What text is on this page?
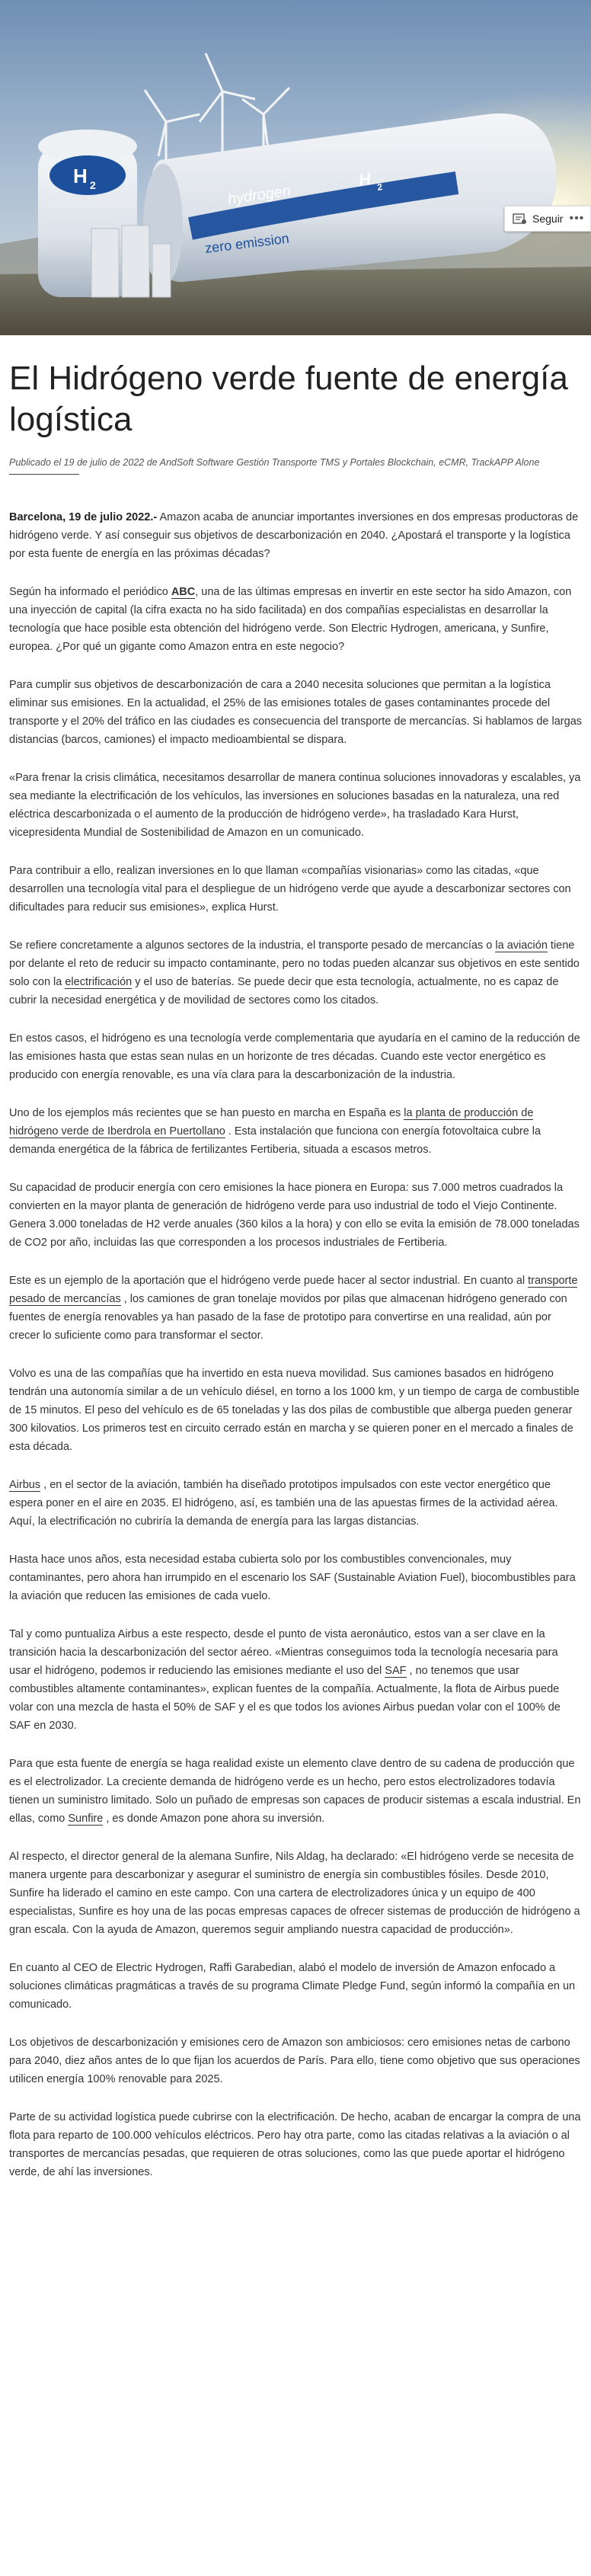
H 2	hydrogen
H 2
zero emission
Seguir •••
El Hidrógeno verde fuente de energía logística

Publicado el 19 de julio de 2022 de AndSoft Software Gestión Transporte TMS y Portales Blockchain, eCMR, TrackAPP Alone

Barcelona, 19 de julio 2022.- Amazon acaba de anunciar importantes inversiones en dos empresas productoras de hidrógeno verde. Y así conseguir sus objetivos de descarbonización en 2040. ¿Apostará el transporte y la logística por esta fuente de energía en las próximas décadas?

Según ha informado el periódico ABC, una de las últimas empresas en invertir en este sector ha sido Amazon, con una inyección de capital (la cifra exacta no ha sido facilitada) en dos compañías especialistas en desarrollar la tecnología que hace posible esta obtención del hidrógeno verde. Son Electric Hydrogen, americana, y Sunfire, europea. ¿Por qué un gigante como Amazon entra en este negocio?

Para cumplir sus objetivos de descarbonización de cara a 2040 necesita soluciones que permitan a la logística eliminar sus emisiones. En la actualidad, el 25% de las emisiones totales de gases contaminantes procede del transporte y el 20% del tráfico en las ciudades es consecuencia del transporte de mercancías. Si hablamos de largas distancias (barcos, camiones) el impacto medioambiental se dispara.

«Para frenar la crisis climática, necesitamos desarrollar de manera continua soluciones innovadoras y escalables, ya sea mediante la electrificación de los vehículos, las inversiones en soluciones basadas en la naturaleza, una red eléctrica descarbonizada o el aumento de la producción de hidrógeno verde», ha trasladado Kara Hurst, vicepresidenta Mundial de Sostenibilidad de Amazon en un comunicado.

Para contribuir a ello, realizan inversiones en lo que llaman «compañías visionarias» como las citadas, «que desarrollen una tecnología vital para el despliegue de un hidrógeno verde que ayude a descarbonizar sectores con dificultades para reducir sus emisiones», explica Hurst.

Se refiere concretamente a algunos sectores de la industria, el transporte pesado de mercancías o la aviación tiene por delante el reto de reducir su impacto contaminante, pero no todas pueden alcanzar sus objetivos en este sentido solo con la electrificación y el uso de baterías. Se puede decir que esta tecnología, actualmente, no es capaz de cubrir la necesidad energética y de movilidad de sectores como los citados.

En estos casos, el hidrógeno es una tecnología verde complementaria que ayudaría en el camino de la reducción de las emisiones hasta que estas sean nulas en un horizonte de tres décadas. Cuando este vector energético es producido con energía renovable, es una vía clara para la descarbonización de la industria.

Uno de los ejemplos más recientes que se han puesto en marcha en España es la planta de producción de hidrógeno verde de Iberdrola en Puertollano . Esta instalación que funciona con energía fotovoltaica cubre la demanda energética de la fábrica de fertilizantes Fertiberia, situada a escasos metros.

Su capacidad de producir energía con cero emisiones la hace pionera en Europa: sus 7.000 metros cuadrados la convierten en la mayor planta de generación de hidrógeno verde para uso industrial de todo el Viejo Continente. Genera 3.000 toneladas de H2 verde anuales (360 kilos a la hora) y con ello se evita la emisión de 78.000 toneladas de CO2 por año, incluidas las que corresponden a los procesos industriales de Fertiberia.

Este es un ejemplo de la aportación que el hidrógeno verde puede hacer al sector industrial. En cuanto al transporte pesado de mercancías , los camiones de gran tonelaje movidos por pilas que almacenan hidrógeno generado con fuentes de energía renovables ya han pasado de la fase de prototipo para convertirse en una realidad, aún por crecer lo suficiente como para transformar el sector.

Volvo es una de las compañías que ha invertido en esta nueva movilidad. Sus camiones basados en hidrógeno tendrán una autonomía similar a de un vehículo diésel, en torno a los 1000 km, y un tiempo de carga de combustible de 15 minutos. El peso del vehículo es de 65 toneladas y las dos pilas de combustible que alberga pueden generar 300 kilovatios. Los primeros test en circuito cerrado están en marcha y se quieren poner en el mercado a finales de esta década.

Airbus , en el sector de la aviación, también ha diseñado prototipos impulsados con este vector energético que espera poner en el aire en 2035. El hidrógeno, así, es también una de las apuestas firmes de la actividad aérea. Aquí, la electrificación no cubriría la demanda de energía para las largas distancias.

Hasta hace unos años, esta necesidad estaba cubierta solo por los combustibles convencionales, muy contaminantes, pero ahora han irrumpido en el escenario los SAF (Sustainable Aviation Fuel), biocombustibles para la aviación que reducen las emisiones de cada vuelo.

Tal y como puntualiza Airbus a este respecto, desde el punto de vista aeronáutico, estos van a ser clave en la transición hacia la descarbonización del sector aéreo. «Mientras conseguimos toda la tecnología necesaria para usar el hidrógeno, podemos ir reduciendo las emisiones mediante el uso del SAF , no tenemos que usar combustibles altamente contaminantes», explican fuentes de la compañía. Actualmente, la flota de Airbus puede volar con una mezcla de hasta el 50% de SAF y el es que todos los aviones Airbus puedan volar con el 100% de SAF en 2030.

Para que esta fuente de energía se haga realidad existe un elemento clave dentro de su cadena de producción que es el electrolizador. La creciente demanda de hidrógeno verde es un hecho, pero estos electrolizadores todavía tienen un suministro limitado. Solo un puñado de empresas son capaces de producir sistemas a escala industrial. En ellas, como Sunfire , es donde Amazon pone ahora su inversión.

Al respecto, el director general de la alemana Sunfire, Nils Aldag, ha declarado: «El hidrógeno verde se necesita de manera urgente para descarbonizar y asegurar el suministro de energía sin combustibles fósiles. Desde 2010, Sunfire ha liderado el camino en este campo. Con una cartera de electrolizadores única y un equipo de 400 especialistas, Sunfire es hoy una de las pocas empresas capaces de ofrecer sistemas de producción de hidrógeno a gran escala. Con la ayuda de Amazon, queremos seguir ampliando nuestra capacidad de producción».

En cuanto al CEO de Electric Hydrogen, Raffi Garabedian, alabó el modelo de inversión de Amazon enfocado a soluciones climáticas pragmáticas a través de su programa Climate Pledge Fund, según informó la compañía en un comunicado.

Los objetivos de descarbonización y emisiones cero de Amazon son ambiciosos: cero emisiones netas de carbono para 2040, diez años antes de lo que fijan los acuerdos de París. Para ello, tiene como objetivo que sus operaciones utilicen energía 100% renovable para 2025.

Parte de su actividad logística puede cubrirse con la electrificación. De hecho, acaban de encargar la compra de una flota para reparto de 100.000 vehículos eléctricos. Pero hay otra parte, como las citadas relativas a la aviación o al transportes de mercancías pesadas, que requieren de otras soluciones, como las que puede aportar el hidrógeno verde, de ahí las inversiones.
